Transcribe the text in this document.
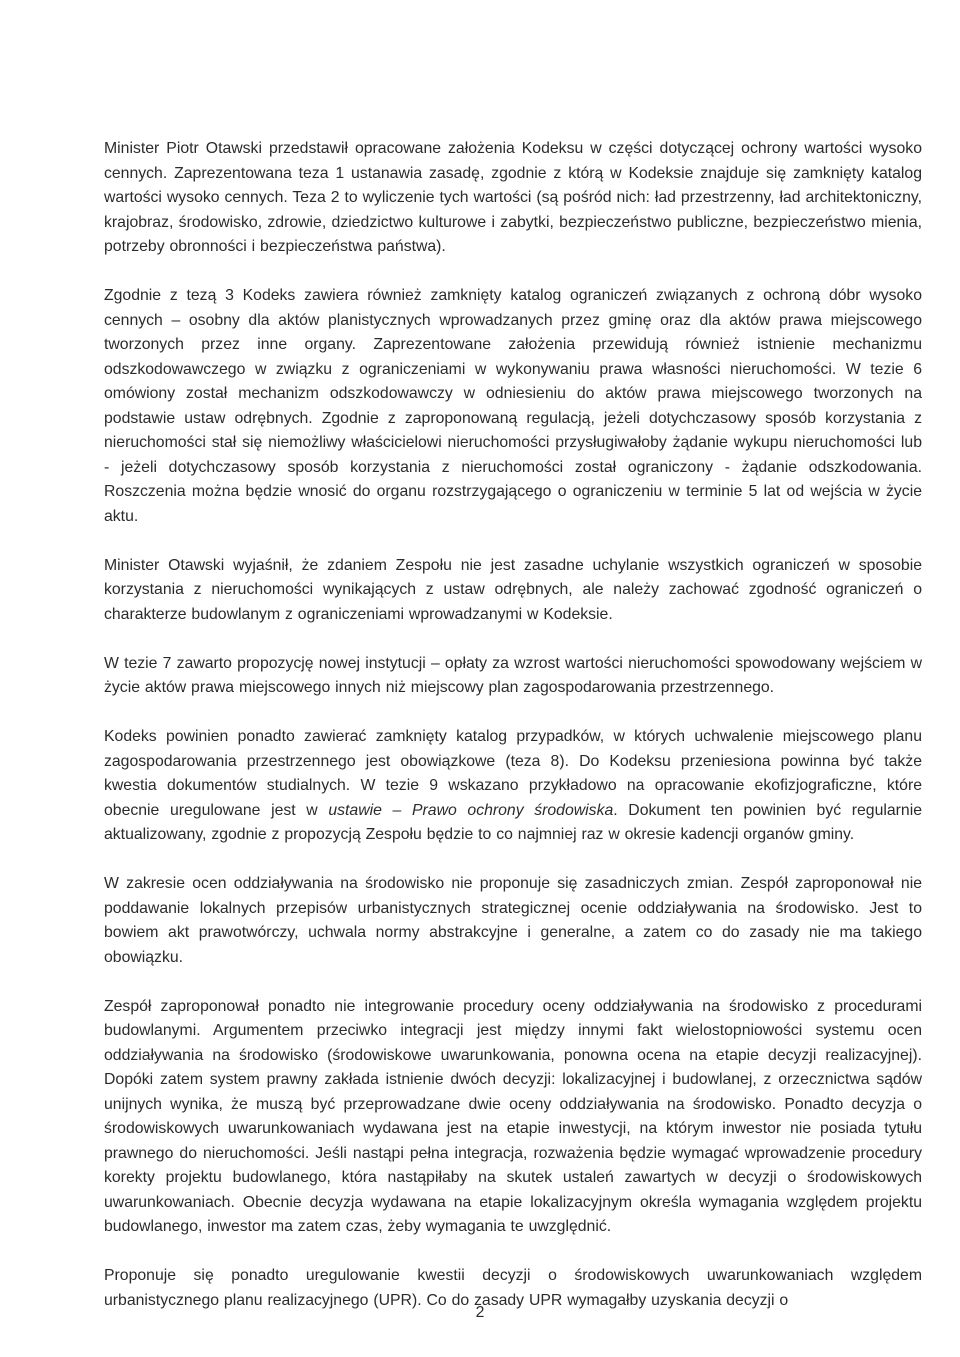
Minister Piotr Otawski przedstawił opracowane założenia Kodeksu w części dotyczącej ochrony wartości wysoko cennych. Zaprezentowana teza 1 ustanawia zasadę, zgodnie z którą w Kodeksie znajduje się zamknięty katalog wartości wysoko cennych. Teza 2 to wyliczenie tych wartości (są pośród nich: ład przestrzenny, ład architektoniczny, krajobraz, środowisko, zdrowie, dziedzictwo kulturowe i zabytki, bezpieczeństwo publiczne, bezpieczeństwo mienia, potrzeby obronności i bezpieczeństwa państwa).

Zgodnie z tezą 3 Kodeks zawiera również zamknięty katalog ograniczeń związanych z ochroną dóbr wysoko cennych – osobny dla aktów planistycznych wprowadzanych przez gminę oraz dla aktów prawa miejscowego tworzonych przez inne organy. Zaprezentowane założenia przewidują również istnienie mechanizmu odszkodowawczego w związku z ograniczeniami w wykonywaniu prawa własności nieruchomości. W tezie 6 omówiony został mechanizm odszkodowawczy w odniesieniu do aktów prawa miejscowego tworzonych na podstawie ustaw odrębnych. Zgodnie z zaproponowaną regulacją, jeżeli dotychczasowy sposób korzystania z nieruchomości stał się niemożliwy właścicielowi nieruchomości przysługiwałoby żądanie wykupu nieruchomości lub - jeżeli dotychczasowy sposób korzystania z nieruchomości został ograniczony - żądanie odszkodowania. Roszczenia można będzie wnosić do organu rozstrzygającego o ograniczeniu w terminie 5 lat od wejścia w życie aktu.

Minister Otawski wyjaśnił, że zdaniem Zespołu nie jest zasadne uchylanie wszystkich ograniczeń w sposobie korzystania z nieruchomości wynikających z ustaw odrębnych, ale należy zachować zgodność ograniczeń o charakterze budowlanym z ograniczeniami wprowadzanymi w Kodeksie.

W tezie 7 zawarto propozycję nowej instytucji – opłaty za wzrost wartości nieruchomości spowodowany wejściem w życie aktów prawa miejscowego innych niż miejscowy plan zagospodarowania przestrzennego.

Kodeks powinien ponadto zawierać zamknięty katalog przypadków, w których uchwalenie miejscowego planu zagospodarowania przestrzennego jest obowiązkowe (teza 8). Do Kodeksu przeniesiona powinna być także kwestia dokumentów studialnych. W tezie 9 wskazano przykładowo na opracowanie ekofizjograficzne, które obecnie uregulowane jest w ustawie – Prawo ochrony środowiska. Dokument ten powinien być regularnie aktualizowany, zgodnie z propozycją Zespołu będzie to co najmniej raz w okresie kadencji organów gminy.

W zakresie ocen oddziaływania na środowisko nie proponuje się zasadniczych zmian. Zespół zaproponował nie poddawanie lokalnych przepisów urbanistycznych strategicznej ocenie oddziaływania na środowisko. Jest to bowiem akt prawotwórczy, uchwala normy abstrakcyjne i generalne, a zatem co do zasady nie ma takiego obowiązku.

Zespół zaproponował ponadto nie integrowanie procedury oceny oddziaływania na środowisko z procedurami budowlanymi. Argumentem przeciwko integracji jest między innymi fakt wielostopniowości systemu ocen oddziaływania na środowisko (środowiskowe uwarunkowania, ponowna ocena na etapie decyzji realizacyjnej). Dopóki zatem system prawny zakłada istnienie dwóch decyzji: lokalizacyjnej i budowlanej, z orzecznictwa sądów unijnych wynika, że muszą być przeprowadzane dwie oceny oddziaływania na środowisko. Ponadto decyzja o środowiskowych uwarunkowaniach wydawana jest na etapie inwestycji, na którym inwestor nie posiada tytułu prawnego do nieruchomości. Jeśli nastąpi pełna integracja, rozważenia będzie wymagać wprowadzenie procedury korekty projektu budowlanego, która nastąpiłaby na skutek ustaleń zawartych w decyzji o środowiskowych uwarunkowaniach. Obecnie decyzja wydawana na etapie lokalizacyjnym określa wymagania względem projektu budowlanego, inwestor ma zatem czas, żeby wymagania te uwzględnić.

Proponuje się ponadto uregulowanie kwestii decyzji o środowiskowych uwarunkowaniach względem urbanistycznego planu realizacyjnego (UPR). Co do zasady UPR wymagałby uzyskania decyzji o

2
